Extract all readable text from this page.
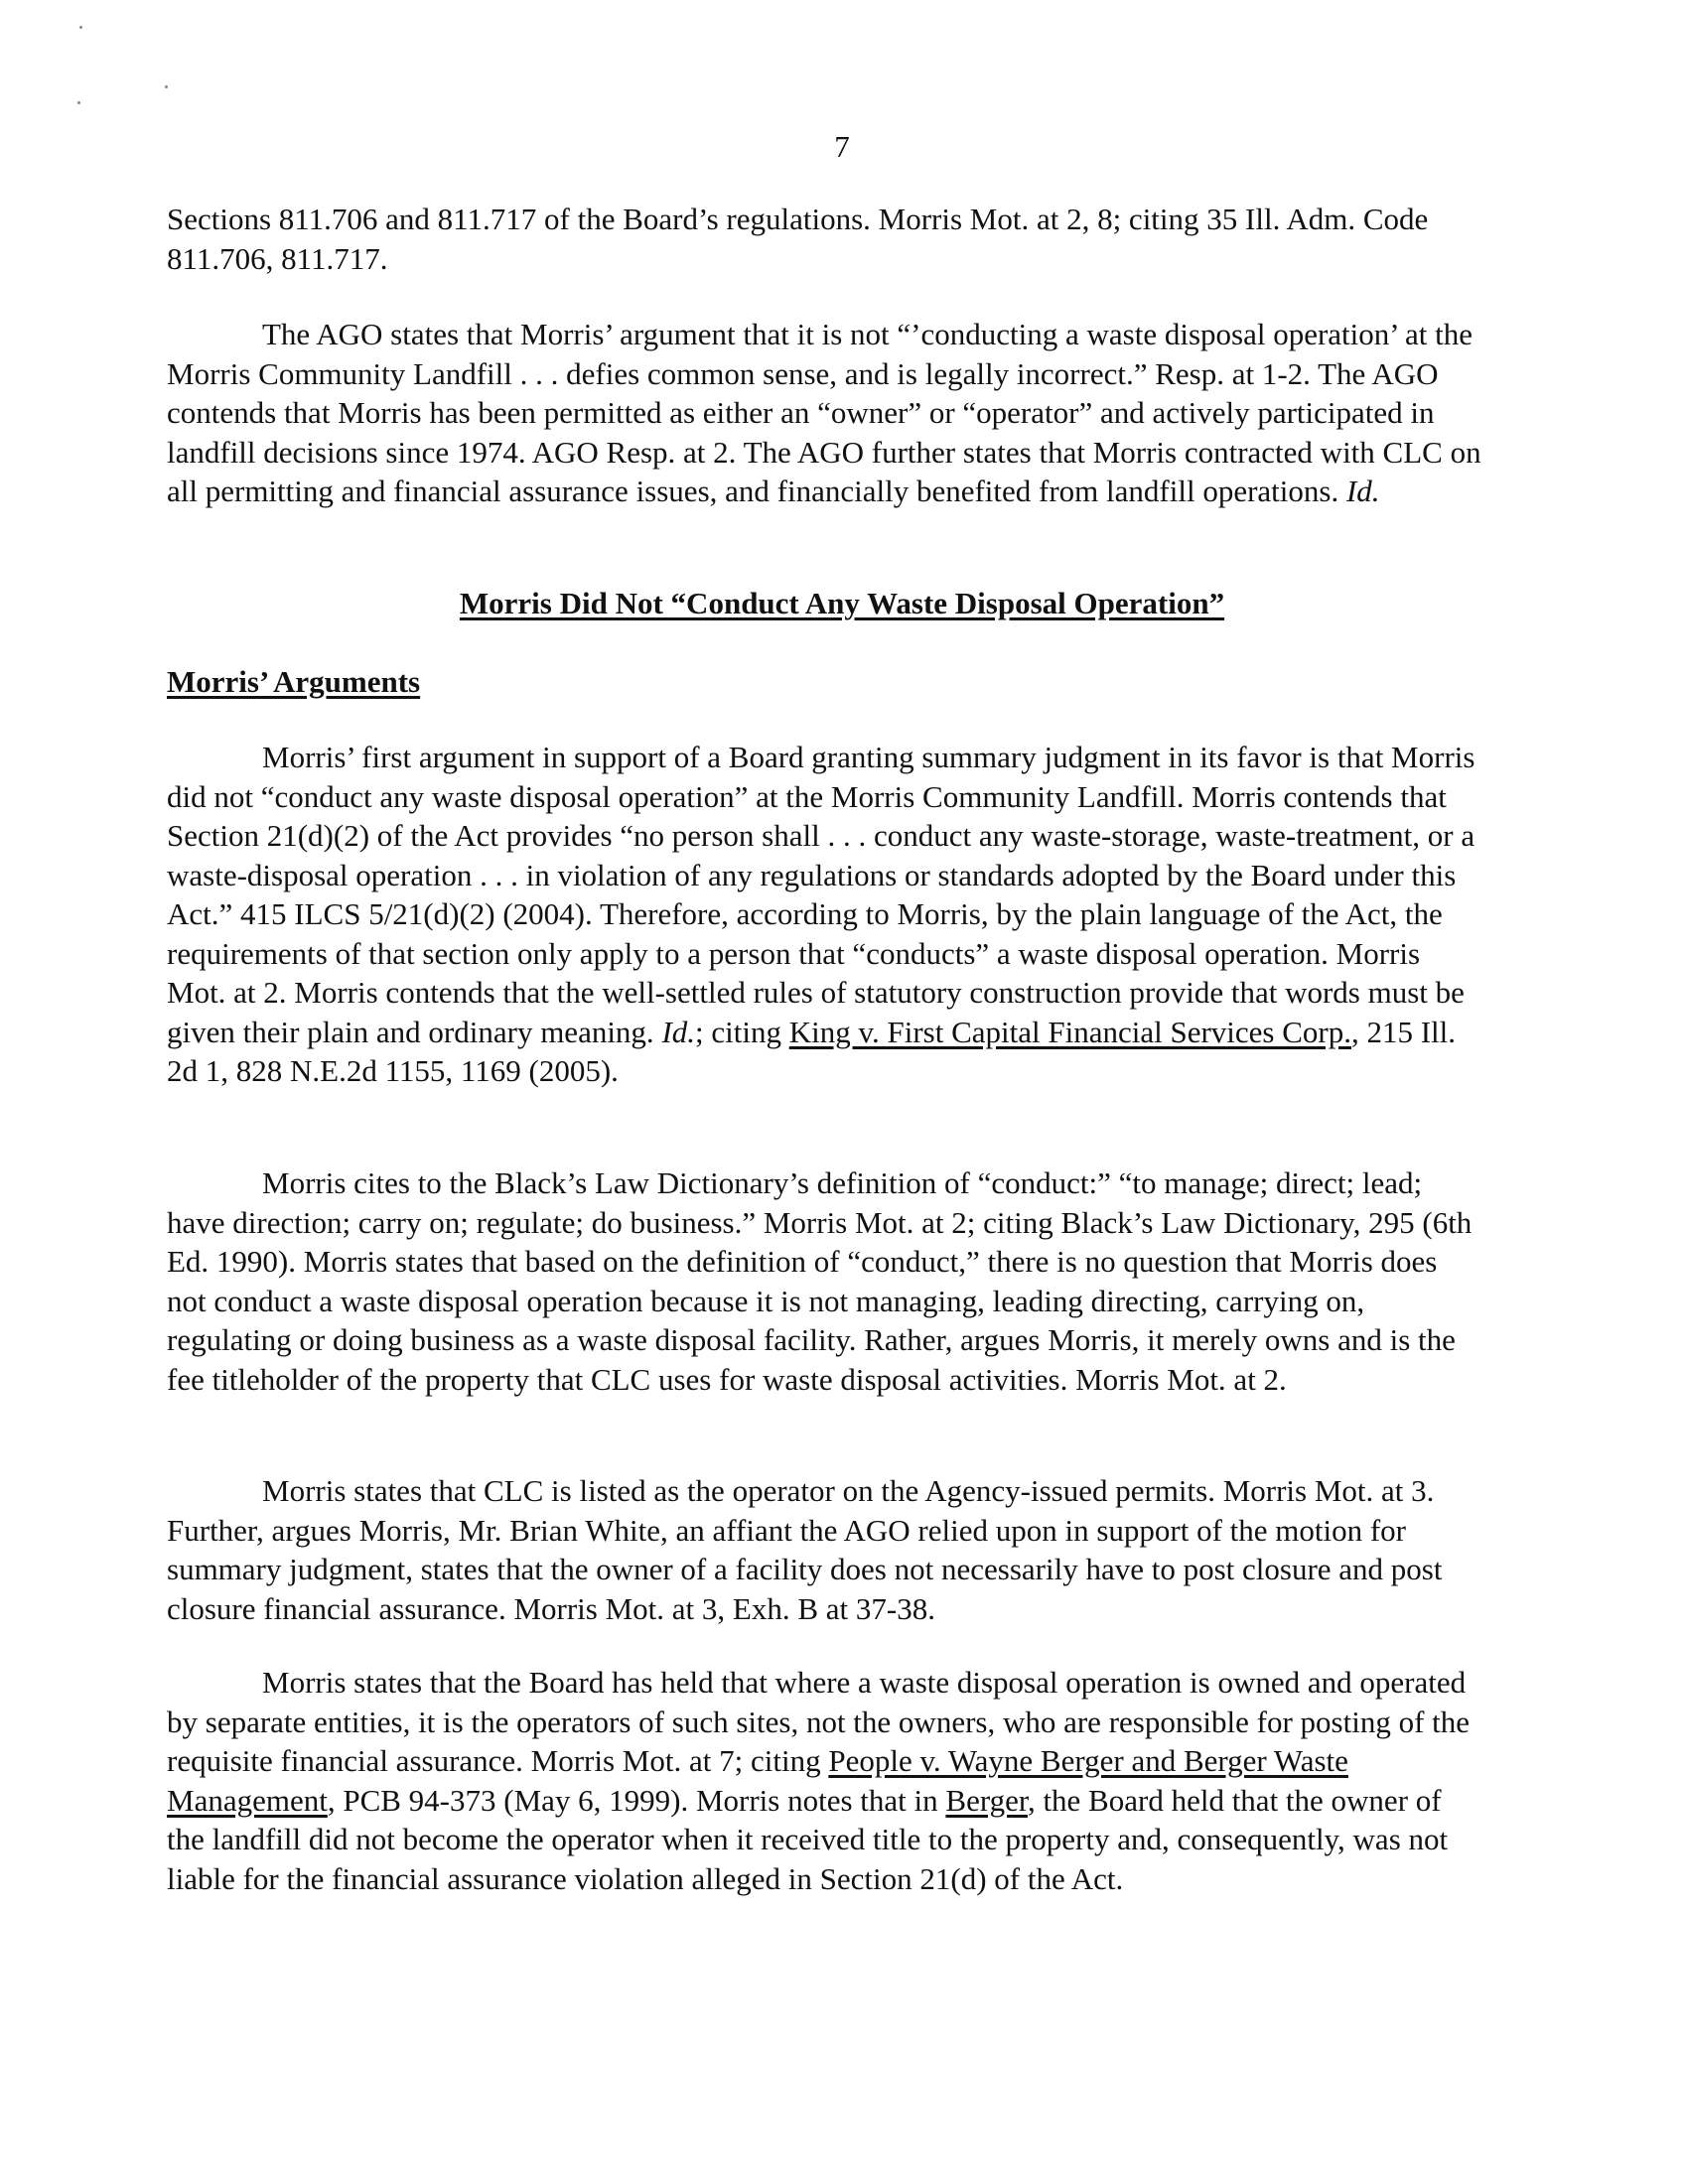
7

Sections 811.706 and 811.717 of the Board’s regulations. Morris Mot. at 2, 8; citing 35 Ill. Adm. Code 811.706, 811.717.

The AGO states that Morris’ argument that it is not “’conducting a waste disposal operation’ at the Morris Community Landfill . . . defies common sense, and is legally incorrect.” Resp. at 1-2. The AGO contends that Morris has been permitted as either an “owner” or “operator” and actively participated in landfill decisions since 1974. AGO Resp. at 2. The AGO further states that Morris contracted with CLC on all permitting and financial assurance issues, and financially benefited from landfill operations. Id.

Morris Did Not “Conduct Any Waste Disposal Operation”
Morris’ Arguments

Morris’ first argument in support of a Board granting summary judgment in its favor is that Morris did not “conduct any waste disposal operation” at the Morris Community Landfill. Morris contends that Section 21(d)(2) of the Act provides “no person shall . . . conduct any waste-storage, waste-treatment, or a waste-disposal operation . . . in violation of any regulations or standards adopted by the Board under this Act.” 415 ILCS 5/21(d)(2) (2004). Therefore, according to Morris, by the plain language of the Act, the requirements of that section only apply to a person that “conducts” a waste disposal operation. Morris Mot. at 2. Morris contends that the well-settled rules of statutory construction provide that words must be given their plain and ordinary meaning. Id.; citing King v. First Capital Financial Services Corp., 215 Ill. 2d 1, 828 N.E.2d 1155, 1169 (2005).

Morris cites to the Black’s Law Dictionary’s definition of “conduct:” “to manage; direct; lead; have direction; carry on; regulate; do business.” Morris Mot. at 2; citing Black’s Law Dictionary, 295 (6th Ed. 1990). Morris states that based on the definition of “conduct,” there is no question that Morris does not conduct a waste disposal operation because it is not managing, leading directing, carrying on, regulating or doing business as a waste disposal facility. Rather, argues Morris, it merely owns and is the fee titleholder of the property that CLC uses for waste disposal activities. Morris Mot. at 2.

Morris states that CLC is listed as the operator on the Agency-issued permits. Morris Mot. at 3. Further, argues Morris, Mr. Brian White, an affiant the AGO relied upon in support of the motion for summary judgment, states that the owner of a facility does not necessarily have to post closure and post closure financial assurance. Morris Mot. at 3, Exh. B at 37-38.

Morris states that the Board has held that where a waste disposal operation is owned and operated by separate entities, it is the operators of such sites, not the owners, who are responsible for posting of the requisite financial assurance. Morris Mot. at 7; citing People v. Wayne Berger and Berger Waste Management, PCB 94-373 (May 6, 1999). Morris notes that in Berger, the Board held that the owner of the landfill did not become the operator when it received title to the property and, consequently, was not liable for the financial assurance violation alleged in Section 21(d) of the Act.
